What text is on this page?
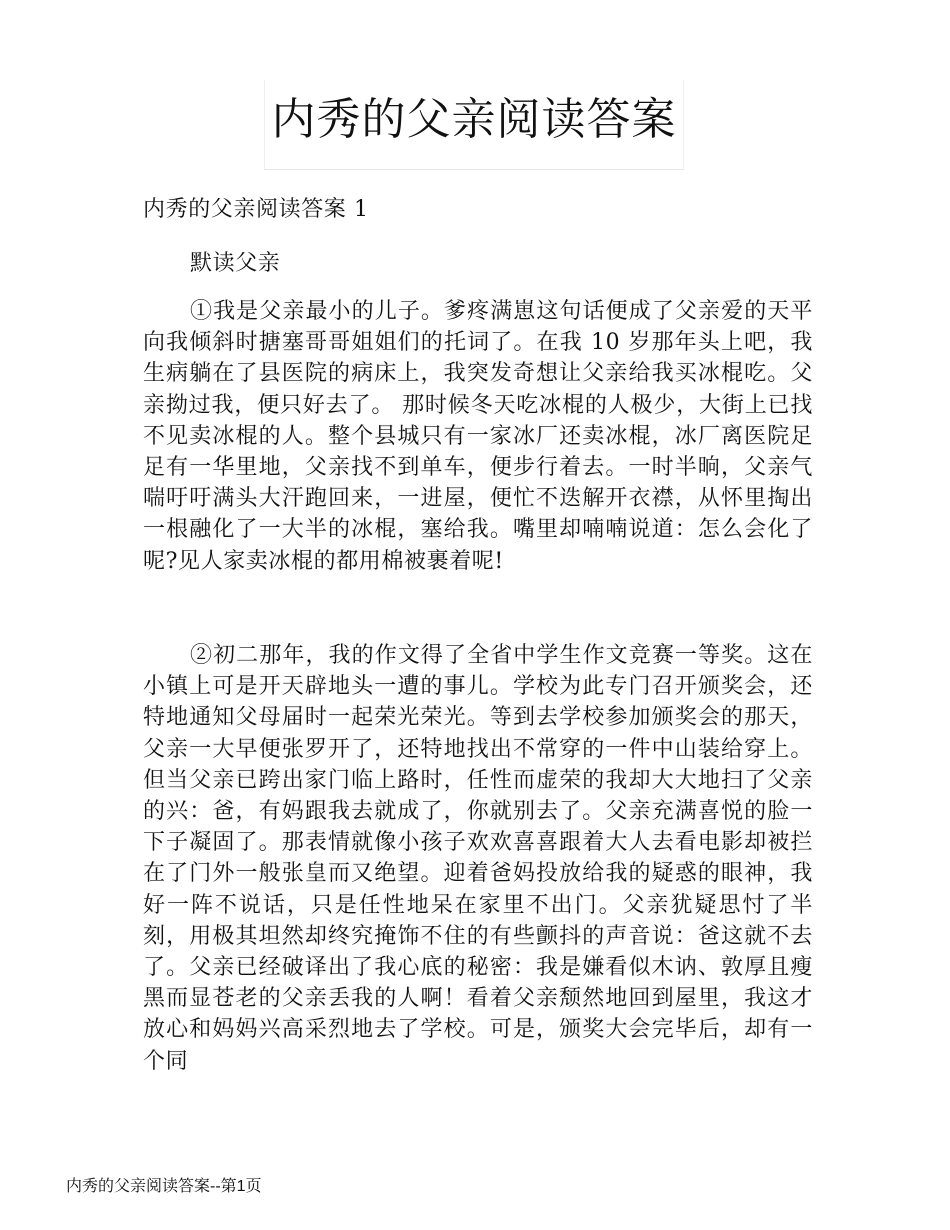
内秀的父亲阅读答案
内秀的父亲阅读答案 1
默读父亲

①我是父亲最小的儿子。爹疼满崽这句话便成了父亲爱的天平向我倾斜时搪塞哥哥姐姐们的托词了。在我 10 岁那年头上吧，我生病躺在了县医院的病床上，我突发奇想让父亲给我买冰棍吃。父亲拗过我，便只好去了。 那时候冬天吃冰棍的人极少，大街上已找不见卖冰棍的人。整个县城只有一家冰厂还卖冰棍，冰厂离医院足足有一华里地，父亲找不到单车，便步行着去。一时半晌，父亲气喘吁吁满头大汗跑回来，一进屋，便忙不迭解开衣襟，从怀里掏出一根融化了一大半的冰棍，塞给我。嘴里却喃喃说道：怎么会化了呢?见人家卖冰棍的都用棉被裹着呢!

②初二那年，我的作文得了全省中学生作文竞赛一等奖。这在小镇上可是开天辟地头一遭的事儿。学校为此专门召开颁奖会，还特地通知父母届时一起荣光荣光。等到去学校参加颁奖会的那天，父亲一大早便张罗开了，还特地找出不常穿的一件中山装给穿上。但当父亲已跨出家门临上路时，任性而虚荣的我却大大地扫了父亲的兴：爸，有妈跟我去就成了，你就别去了。父亲充满喜悦的脸一下子凝固了。那表情就像小孩子欢欢喜喜跟着大人去看电影却被拦在了门外一般张皇而又绝望。迎着爸妈投放给我的疑惑的眼神，我好一阵不说话，只是任性地呆在家里不出门。父亲犹疑思忖了半刻，用极其坦然却终究掩饰不住的有些颤抖的声音说：爸这就不去了。父亲已经破译出了我心底的秘密：我是嫌看似木讷、敦厚且瘦黑而显苍老的父亲丢我的人啊！看着父亲颓然地回到屋里，我这才放心和妈妈兴高采烈地去了学校。可是，颁奖大会完毕后，却有一个同

内秀的父亲阅读答案--第1页
